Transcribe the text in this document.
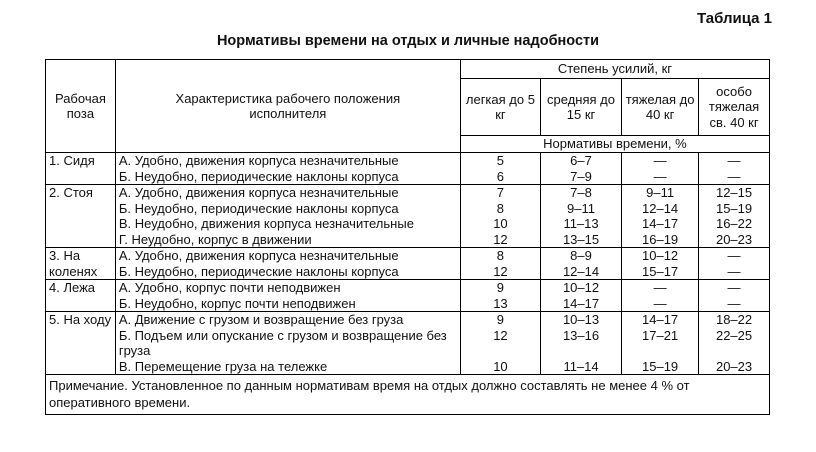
Таблица 1
Нормативы времени на отдых и личные надобности
Рабочая поза	Характеристика рабочего положения исполнителя	Степень усилий, кг			
		легкая до 5 кг	средняя до 15 кг	тяжелая до 40 кг	особо тяжелая св. 40 кг
		Нормативы времени, %			
1. Сидя	А. Удобно, движения корпуса незначительные	5	6–7	—	—
	Б. Неудобно, периодические наклоны корпуса	6	7–9	—	—
2. Стоя	А. Удобно, движения корпуса незначительные	7	7–8	9–11	12–15
	Б. Неудобно, периодические наклоны корпуса	8	9–11	12–14	15–19
	В. Неудобно, движения корпуса незначительные	10	11–13	14–17	16–22
	Г. Неудобно, корпус в движении	12	13–15	16–19	20–23
3. На коленях	А. Удобно, движения корпуса незначительные	8	8–9	10–12	—
	Б. Неудобно, периодические наклоны корпуса	12	12–14	15–17	—
4. Лежа	А. Удобно, корпус почти неподвижен	9	10–12	—	—
	Б. Неудобно, корпус почти неподвижен	13	14–17	—	—
5. На ходу	А. Движение с грузом и возвращение без груза	9	10–13	14–17	18–22
	Б. Подъем или опускание с грузом и возвращение без груза	12	13–16	17–21	22–25
	В. Перемещение груза на тележке	10	11–14	15–19	20–23
Примечание. Установленное по данным нормативам время на отдых должно составлять не менее 4 % от оперативного времени.					
